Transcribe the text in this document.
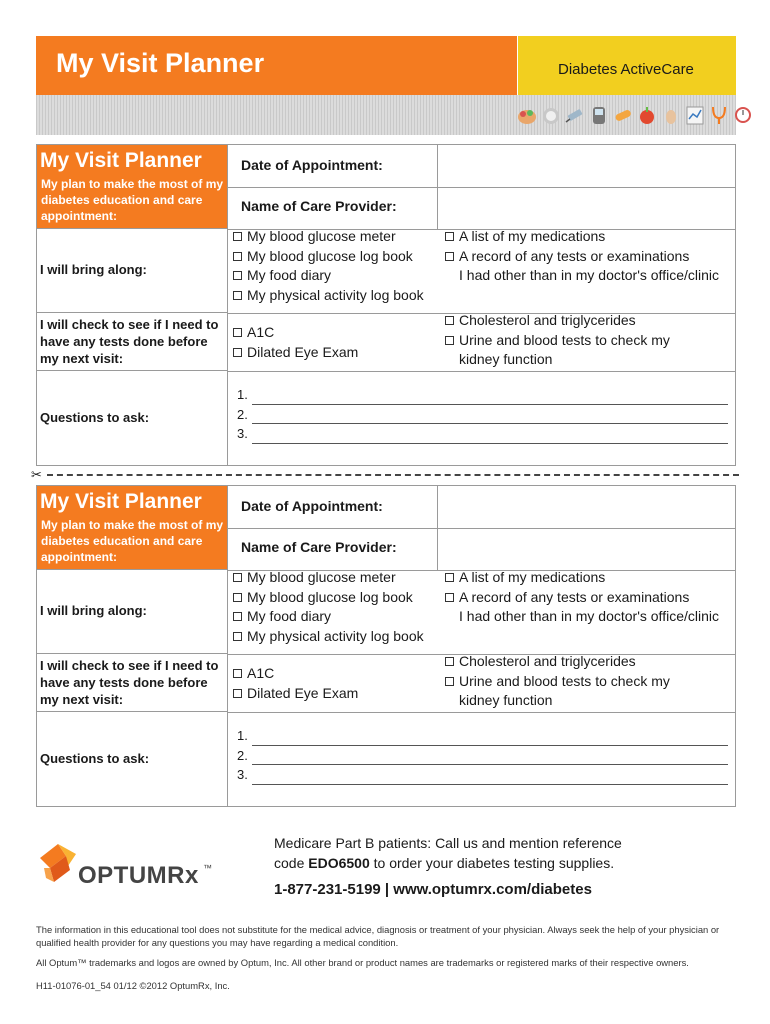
My Visit Planner	Diabetes ActiveCare
My Visit Planner
My plan to make the most of my diabetes education and care appointment:
I will bring along:
I will check to see if I need to have any tests done before my next visit:
Questions to ask:
Date of Appointment:
Name of Care Provider:
My blood glucose meter
My blood glucose log book
My food diary
My physical activity log book
A list of my medications
A record of any tests or examinations
I had other than in my doctor's office/clinic
A1C
Dilated Eye Exam
Cholesterol and triglycerides
Urine and blood tests to check my
kidney function
1.
2.
3.
✂
My Visit Planner
My plan to make the most of my diabetes education and care appointment:
I will bring along:
I will check to see if I need to have any tests done before my next visit:
Questions to ask:
Date of Appointment:
Name of Care Provider:
My blood glucose meter
My blood glucose log book
My food diary
My physical activity log book
A list of my medications
A record of any tests or examinations
I had other than in my doctor's office/clinic
A1C
Dilated Eye Exam
Cholesterol and triglycerides
Urine and blood tests to check my
kidney function
1.
2.
3.
OPTUMRx ™
Medicare Part B patients: Call us and mention reference
code EDO6500 to order your diabetes testing supplies.
1-877-231-5199 | www.optumrx.com/diabetes
The information in this educational tool does not substitute for the medical advice, diagnosis or treatment of your physician. Always seek the help of your physician or qualified health provider for any questions you may have regarding a medical condition.
All Optum™ trademarks and logos are owned by Optum, Inc. All other brand or product names are trademarks or registered marks of their respective owners.
H11-01076-01_54 01/12 ©2012 OptumRx, Inc.
